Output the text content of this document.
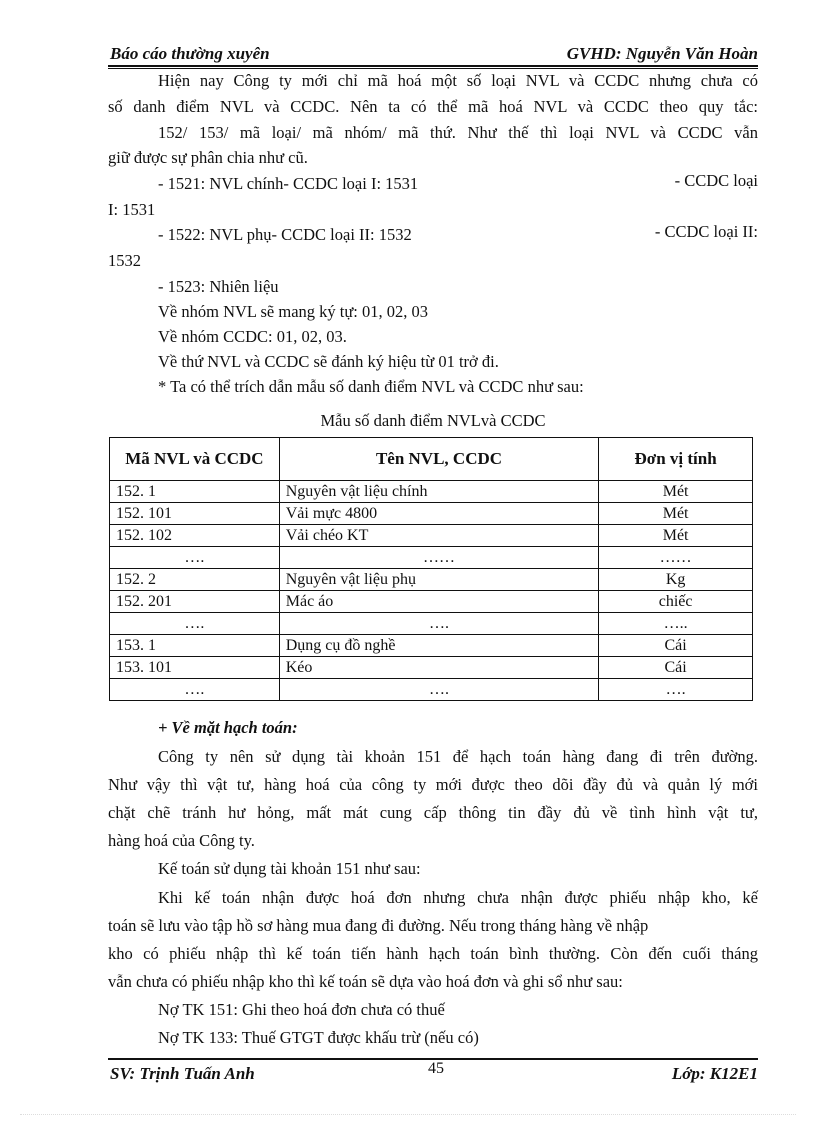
Báo cáo thường xuyên	GVHD: Nguyễn Văn Hoàn
Hiện nay Công ty mới chỉ mã hoá một số loại NVL và CCDC nhưng chưa có
số danh điểm NVL và CCDC. Nên ta có thể mã hoá NVL và CCDC theo quy tắc:
152/ 153/ mã loại/ mã nhóm/ mã thứ. Như thế thì loại NVL và CCDC vẫn
giữ được sự phân chia như cũ.
- 1521: NVL chính- CCDC loại I: 1531	- CCDC loại
I: 1531
- 1522: NVL phụ- CCDC loại II: 1532	- CCDC loại II:
1532
- 1523: Nhiên liệu
Về nhóm NVL sẽ mang ký tự: 01, 02, 03
Về nhóm CCDC: 01, 02, 03.
Về thứ NVL và CCDC sẽ đánh ký hiệu từ 01 trở đi.
* Ta có thể trích dẫn mẫu số danh điểm NVL và CCDC như sau:
Mẫu số danh điểm NVLvà CCDC
Mã NVL và CCDC	Tên NVL, CCDC	Đơn vị tính
152. 1	Nguyên vật liệu chính	Mét
152. 101	Vải mực 4800	Mét
152. 102	Vải chéo KT	Mét
….	……	……
152. 2	Nguyên vật liệu phụ	Kg
152. 201	Mác áo	chiếc
….	….	…..
153. 1	Dụng cụ đồ nghề	Cái
153. 101	Kéo	Cái
….	….	….
+ Về mặt hạch toán:
Công ty nên sử dụng tài khoản 151 để hạch toán hàng đang đi trên đường.
Như vậy thì vật tư, hàng hoá của công ty mới được theo dõi đầy đủ và quản lý mới
chặt chẽ tránh hư hỏng, mất mát cung cấp thông tin đầy đủ về tình hình vật tư,
hàng hoá của Công ty.
Kế toán sử dụng tài khoản 151 như sau:
Khi kế toán nhận được hoá đơn nhưng chưa nhận được phiếu nhập kho, kế
toán sẽ lưu vào tập hồ sơ hàng mua đang đi đường. Nếu trong tháng hàng về nhập
kho có phiếu nhập thì kế toán tiến hành hạch toán bình thường. Còn đến cuối tháng
vẫn chưa có phiếu nhập kho thì kế toán sẽ dựa vào hoá đơn và ghi sổ như sau:
Nợ TK 151: Ghi theo hoá đơn chưa có thuế
Nợ TK 133: Thuế GTGT được khấu trừ (nếu có)
SV: Trịnh Tuấn Anh	45	Lớp: K12E1
